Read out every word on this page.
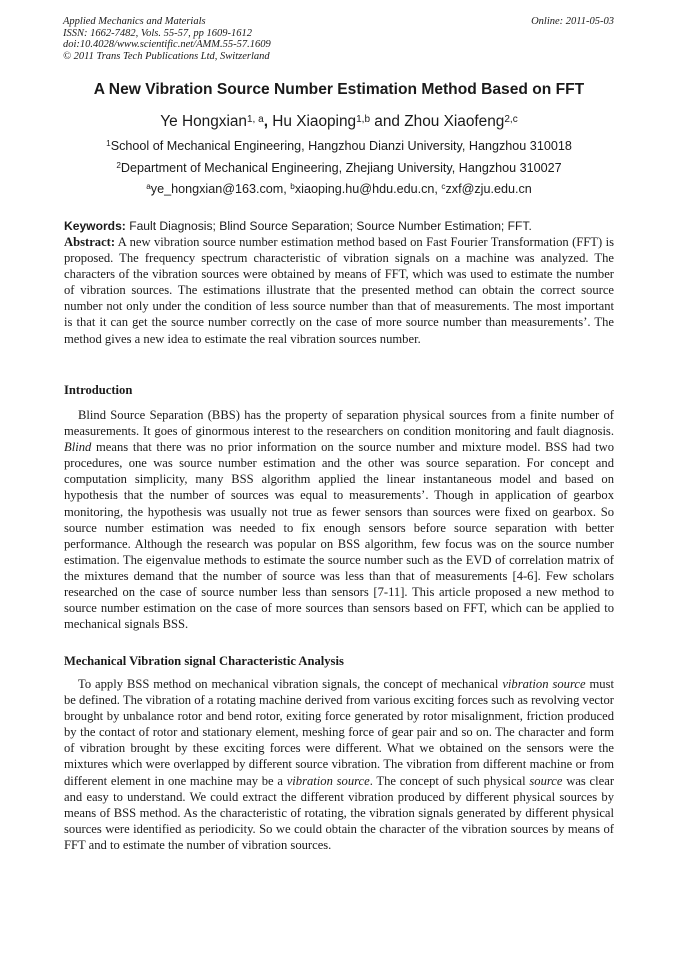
Applied Mechanics and Materials
ISSN: 1662-7482, Vols. 55-57, pp 1609-1612
doi:10.4028/www.scientific.net/AMM.55-57.1609
© 2011 Trans Tech Publications Ltd, Switzerland
Online: 2011-05-03
A New Vibration Source Number Estimation Method Based on FFT
Ye Hongxian$^{1, a}$, Hu Xiaoping$^{1,b}$ and Zhou Xiaofeng$^{2,c}$
$^1$School of Mechanical Engineering, Hangzhou Dianzi University, Hangzhou 310018
$^2$Department of Mechanical Engineering, Zhejiang University, Hangzhou 310027
$^a$ye_hongxian@163.com, $^b$xiaoping.hu@hdu.edu.cn, $^c$zxf@zju.edu.cn
Keywords: Fault Diagnosis; Blind Source Separation; Source Number Estimation; FFT.
Abstract: A new vibration source number estimation method based on Fast Fourier Transformation (FFT) is proposed. The frequency spectrum characteristic of vibration signals on a machine was analyzed. The characters of the vibration sources were obtained by means of FFT, which was used to estimate the number of vibration sources. The estimations illustrate that the presented method can obtain the correct source number not only under the condition of less source number than that of measurements. The most important is that it can get the source number correctly on the case of more source number than measurements’. The method gives a new idea to estimate the real vibration sources number.
Introduction
Blind Source Separation (BBS) has the property of separation physical sources from a finite number of measurements. It goes of ginormous interest to the researchers on condition monitoring and fault diagnosis. Blind means that there was no prior information on the source number and mixture model. BSS had two procedures, one was source number estimation and the other was source separation. For concept and computation simplicity, many BSS algorithm applied the linear instantaneous model and based on hypothesis that the number of sources was equal to measurements’. Though in application of gearbox monitoring, the hypothesis was usually not true as fewer sensors than sources were fixed on gearbox. So source number estimation was needed to fix enough sensors before source separation with better performance. Although the research was popular on BSS algorithm, few focus was on the source number estimation. The eigenvalue methods to estimate the source number such as the EVD of correlation matrix of the mixtures demand that the number of source was less than that of measurements [4-6]. Few scholars researched on the case of source number less than sensors [7-11]. This article proposed a new method to source number estimation on the case of more sources than sensors based on FFT, which can be applied to mechanical signals BSS.
Mechanical Vibration signal Characteristic Analysis
To apply BSS method on mechanical vibration signals, the concept of mechanical vibration source must be defined. The vibration of a rotating machine derived from various exciting forces such as revolving vector brought by unbalance rotor and bend rotor, exiting force generated by rotor misalignment, friction produced by the contact of rotor and stationary element, meshing force of gear pair and so on. The character and form of vibration brought by these exciting forces were different. What we obtained on the sensors were the mixtures which were overlapped by different source vibration. The vibration from different machine or from different element in one machine may be a vibration source. The concept of such physical source was clear and easy to understand. We could extract the different vibration produced by different physical sources by means of BSS method. As the characteristic of rotating, the vibration signals generated by different physical sources were identified as periodicity. So we could obtain the character of the vibration sources by means of FFT and to estimate the number of vibration sources.
